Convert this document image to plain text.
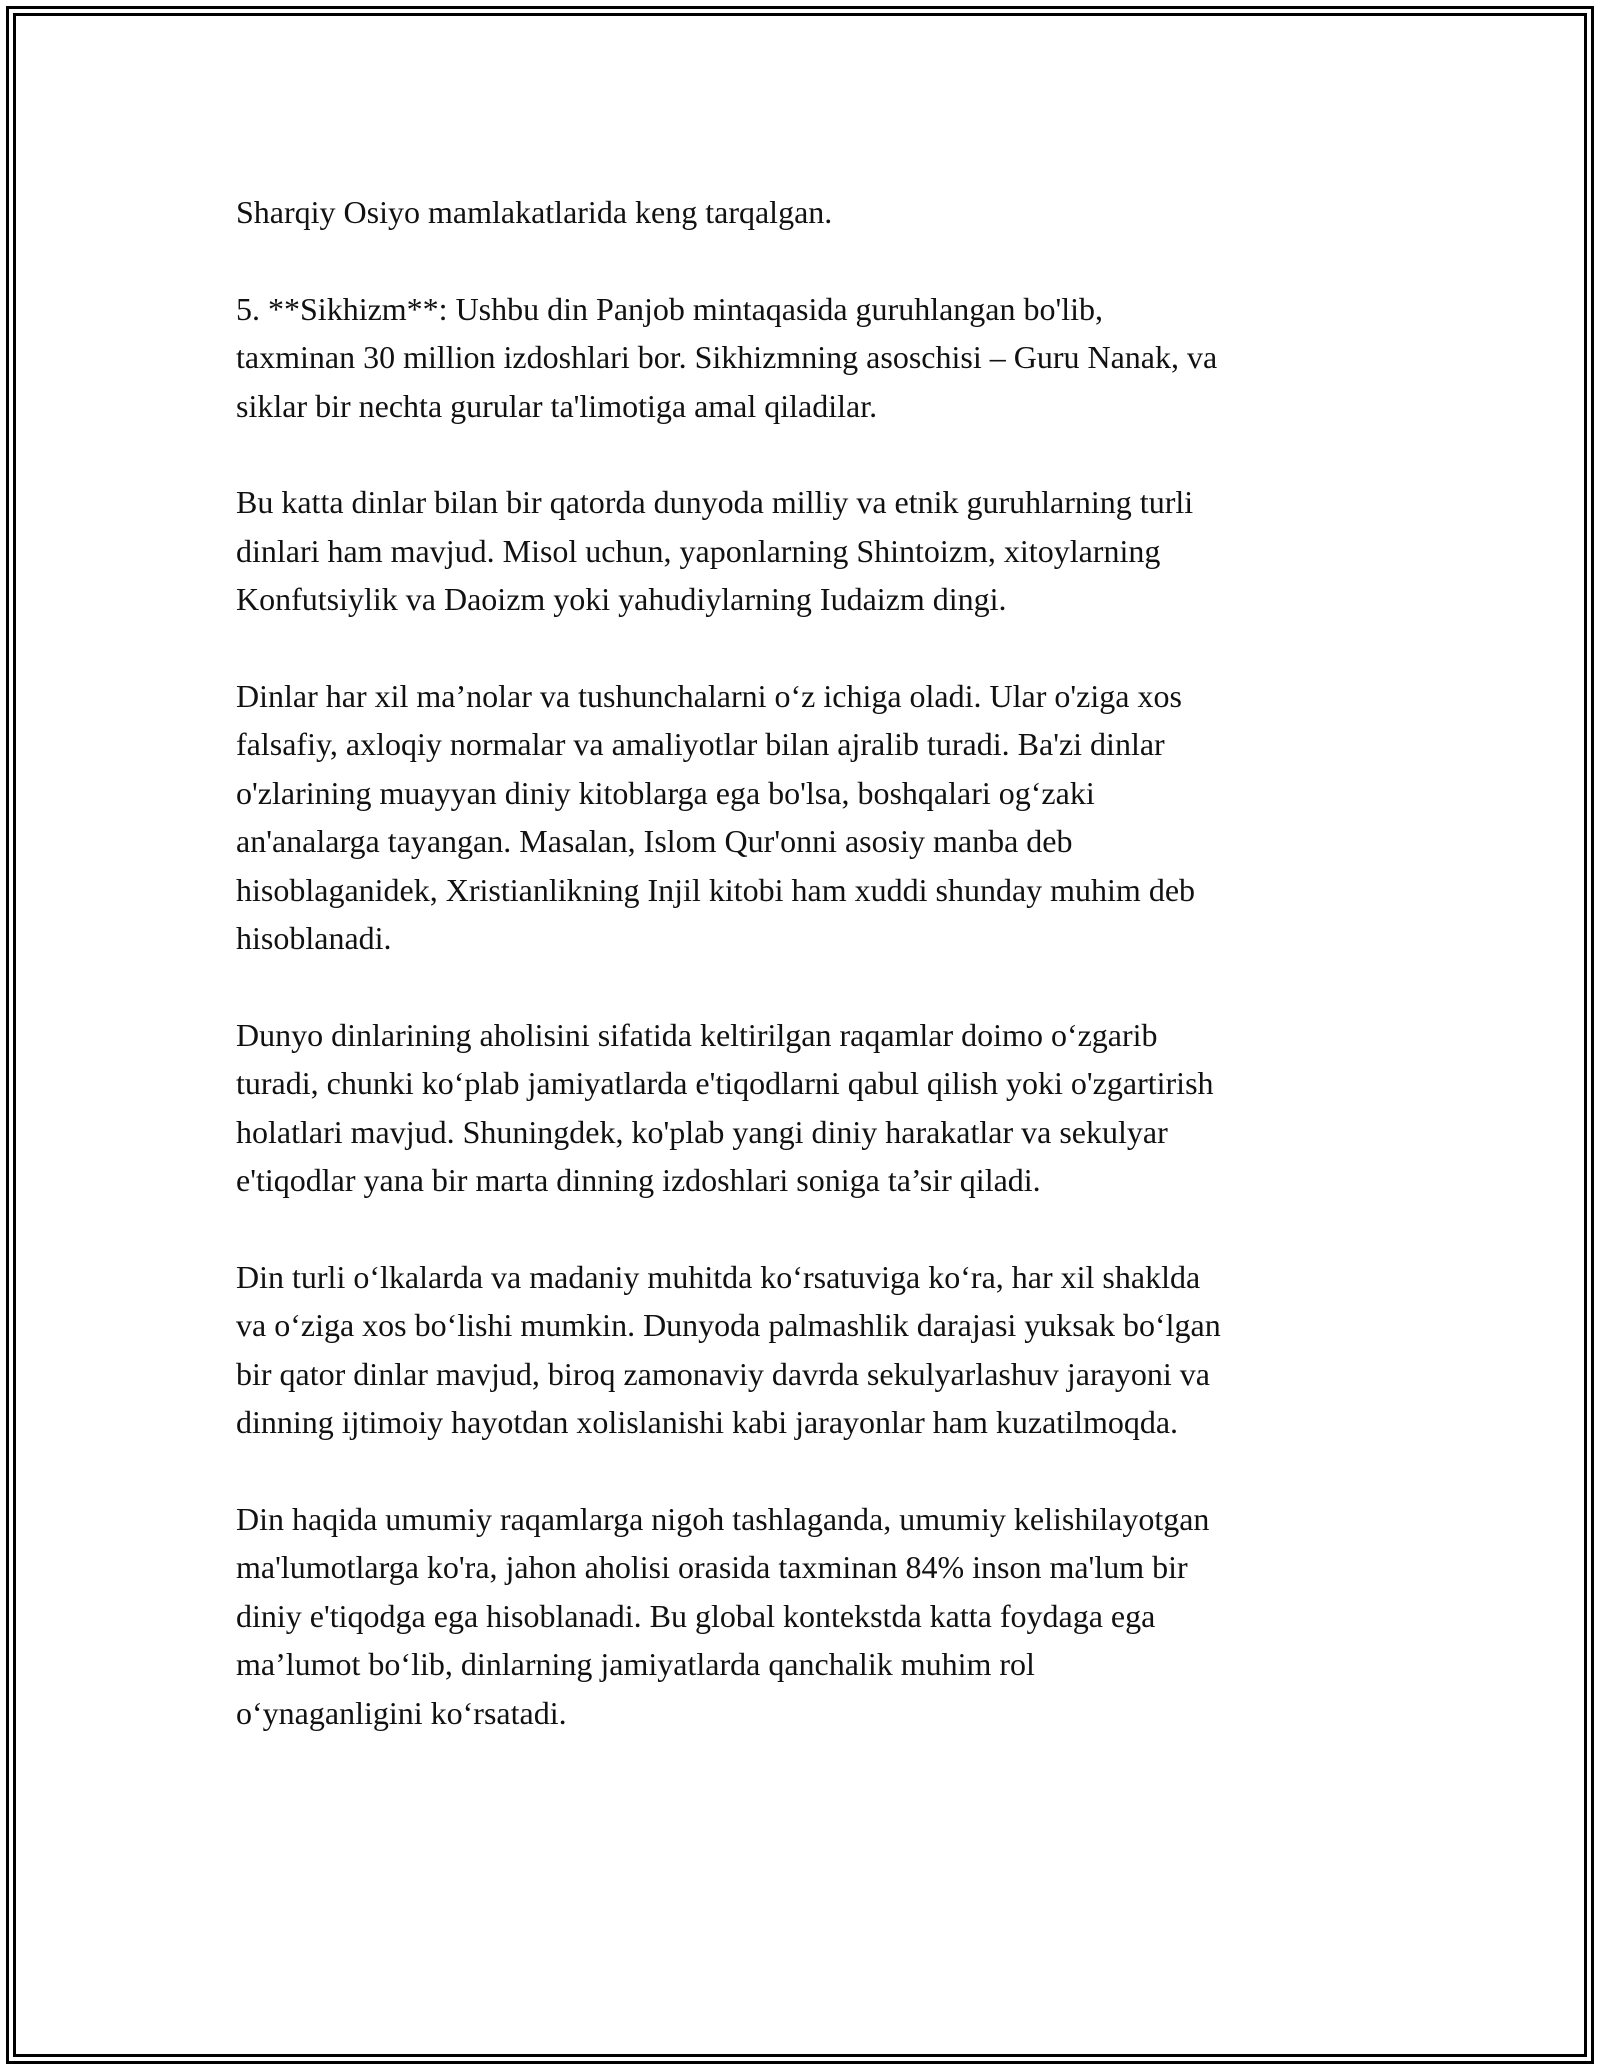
Sharqiy Osiyo mamlakatlarida keng tarqalgan.

5. **Sikhizm**: Ushbu din Panjob mintaqasida guruhlangan bo'lib,
taxminan 30 million izdoshlari bor. Sikhizmning asoschisi – Guru Nanak, va
siklar bir nechta gurular ta'limotiga amal qiladilar.

Bu katta dinlar bilan bir qatorda dunyoda milliy va etnik guruhlarning turli
dinlari ham mavjud. Misol uchun, yaponlarning Shintoizm, xitoylarning
Konfutsiylik va Daoizm yoki yahudiylarning Iudaizm dingi.

Dinlar har xil ma’nolar va tushunchalarni o‘z ichiga oladi. Ular o'ziga xos
falsafiy, axloqiy normalar va amaliyotlar bilan ajralib turadi. Ba'zi dinlar
o'zlarining muayyan diniy kitoblarga ega bo'lsa, boshqalari og‘zaki
an'analarga tayangan. Masalan, Islom Qur'onni asosiy manba deb
hisoblaganidek, Xristianlikning Injil kitobi ham xuddi shunday muhim deb
hisoblanadi.

Dunyo dinlarining aholisini sifatida keltirilgan raqamlar doimo o‘zgarib
turadi, chunki ko‘plab jamiyatlarda e'tiqodlarni qabul qilish yoki o'zgartirish
holatlari mavjud. Shuningdek, ko'plab yangi diniy harakatlar va sekulyar
e'tiqodlar yana bir marta dinning izdoshlari soniga ta’sir qiladi.

Din turli o‘lkalarda va madaniy muhitda ko‘rsatuviga ko‘ra, har xil shakldа
va o‘ziga xos bo‘lishi mumkin. Dunyoda palmashlik darajasi yuksak bo‘lgan
bir qator dinlar mavjud, biroq zamonaviy davrda sekulyarlashuv jarayoni va
dinning ijtimoiy hayotdan xolislanishi kabi jarayonlar ham kuzatilmoqda.

Din haqida umumiy raqamlarga nigoh tashlaganda, umumiy kelishilayotgan
ma'lumotlarga ko'ra, jahon aholisi orasida taxminan 84% inson ma'lum bir
diniy e'tiqodga ega hisoblanadi. Bu global kontekstda katta foydaga ega
ma’lumot bo‘lib, dinlarning jamiyatlarda qanchalik muhim rol
o‘ynaganligini ko‘rsatadi.
